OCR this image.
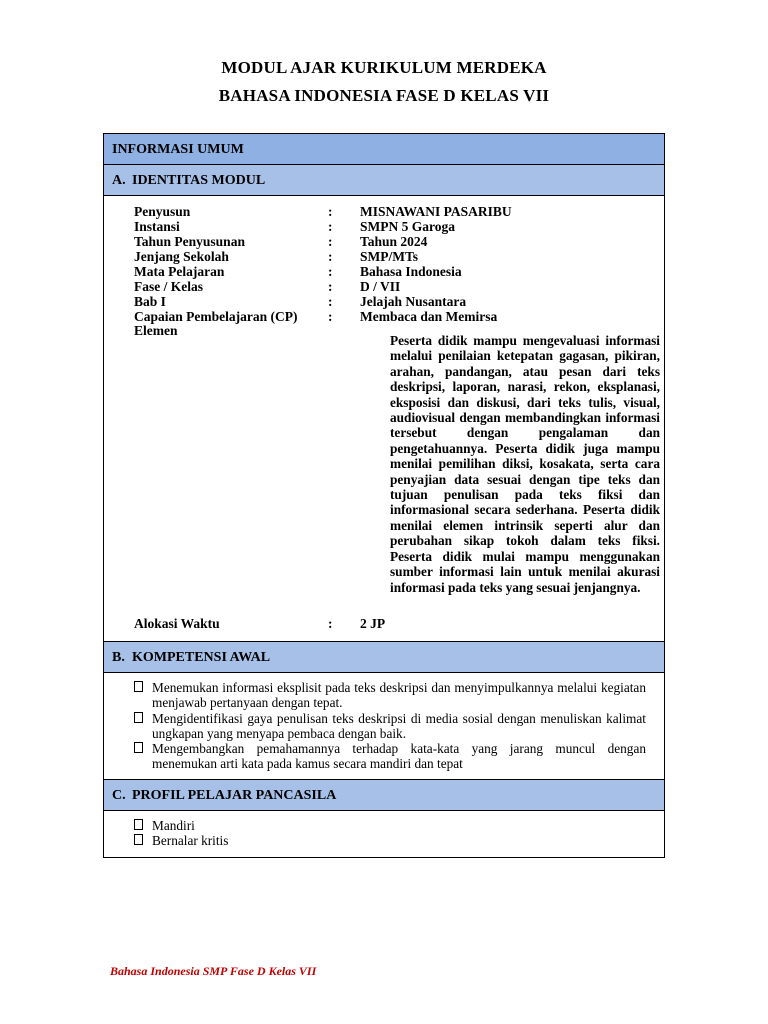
MODUL AJAR KURIKULUM MERDEKA
BAHASA INDONESIA FASE D KELAS VII
INFORMASI UMUM
A. IDENTITAS MODUL
Penyusun	: MISNAWANI PASARIBU
Instansi	: SMPN 5 Garoga
Tahun Penyusunan	: Tahun 2024
Jenjang Sekolah	: SMP/MTs
Mata Pelajaran	: Bahasa Indonesia
Fase / Kelas	: D / VII
Bab I	: Jelajah Nusantara
Capaian Pembelajaran (CP)	: Membaca dan Memirsa
Elemen
Peserta didik mampu mengevaluasi informasi melalui penilaian ketepatan gagasan, pikiran, arahan, pandangan, atau pesan dari teks deskripsi, laporan, narasi, rekon, eksplanasi, eksposisi dan diskusi, dari teks tulis, visual, audiovisual dengan membandingkan informasi tersebut dengan pengalaman dan pengetahuannya. Peserta didik juga mampu menilai pemilihan diksi, kosakata, serta cara penyajian data sesuai dengan tipe teks dan tujuan penulisan pada teks fiksi dan informasional secara sederhana. Peserta didik menilai elemen intrinsik seperti alur dan perubahan sikap tokoh dalam teks fiksi. Peserta didik mulai mampu menggunakan sumber informasi lain untuk menilai akurasi informasi pada teks yang sesuai jenjangnya.
Alokasi Waktu	: 2 JP
B. KOMPETENSI AWAL
Menemukan informasi eksplisit pada teks deskripsi dan menyimpulkannya melalui kegiatan menjawab pertanyaan dengan tepat.
Mengidentifikasi gaya penulisan teks deskripsi di media sosial dengan menuliskan kalimat ungkapan yang menyapa pembaca dengan baik.
Mengembangkan pemahamannya terhadap kata-kata yang jarang muncul dengan menemukan arti kata pada kamus secara mandiri dan tepat
C. PROFIL PELAJAR PANCASILA
Mandiri
Bernalar kritis
Bahasa Indonesia SMP Fase D Kelas VII
